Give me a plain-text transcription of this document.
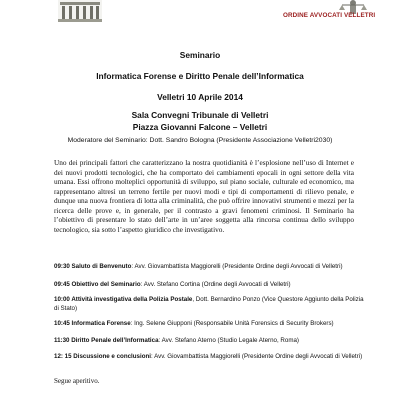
ORDINE AVVOCATI VELLETRI
Seminario
Informatica Forense e Diritto Penale dell’Informatica
Velletri 10 Aprile 2014
Sala Convegni Tribunale di Velletri
Piazza Giovanni Falcone – Velletri
Moderatore del Seminario: Dott. Sandro Bologna (Presidente Associazione Velletri2030)

Uno dei principali fattori che caratterizzano la nostra quotidianità è l’esplosione nell’uso di Internet e dei nuovi prodotti tecnologici, che ha comportato dei cambiamenti epocali in ogni settore della vita umana. Essi offrono molteplici opportunità di sviluppo, sul piano sociale, culturale ed economico, ma rappresentano altresì un terreno fertile per nuovi modi e tipi di comportamenti di rilievo penale, e dunque una nuova frontiera di lotta alla criminalità, che può offrire innovativi strumenti e mezzi per la ricerca delle prove e, in generale, per il contrasto a gravi fenomeni criminosi. Il Seminario ha l’obiettivo di presentare lo stato dell’arte in un’aree soggetta alla rincorsa continua dello sviluppo tecnologico, sia sotto l’aspetto giuridico che investigativo.

09:30 Saluto di Benvenuto: Avv. Giovambattista Maggiorelli (Presidente Ordine degli Avvocati di Velletri)

09:45 Obiettivo del Seminario: Avv. Stefano Cortina (Ordine degli Avvocati di Velletri)

10:00 Attività investigativa della Polizia Postale, Dott. Bernardino Ponzo (Vice Questore Aggiunto della Polizia di Stato)

10:45 Informatica Forense: Ing. Selene Giupponi (Responsabile Unità Forensics di Security Brokers)

11:30 Diritto Penale dell’Informatica: Avv. Stefano Aterno (Studio Legale Aterno, Roma)

12: 15 Discussione e conclusioni: Avv. Giovambattista Maggiorelli (Presidente Ordine degli Avvocati di Velletri)

Segue aperitivo.
